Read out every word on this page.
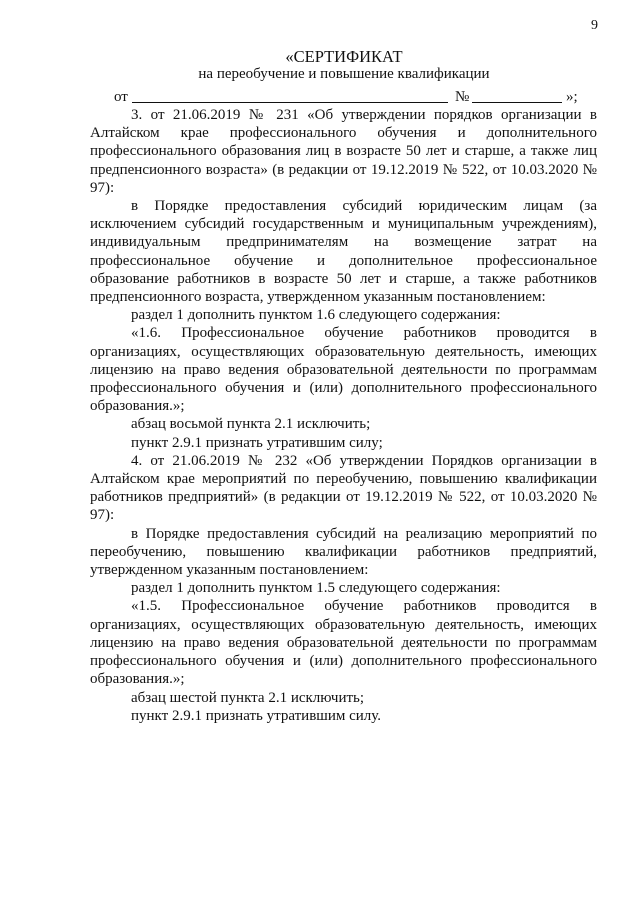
9
«СЕРТИФИКАТ
на переобучение и повышение квалификации
от	№	»;

3. от 21.06.2019 № 231 «Об утверждении порядков организации в Алтайском крае профессионального обучения и дополнительного профессионального образования лиц в возрасте 50 лет и старше, а также лиц предпенсионного возраста» (в редакции от 19.12.2019 № 522, от 10.03.2020 № 97):

в Порядке предоставления субсидий юридическим лицам (за исключением субсидий государственным и муниципальным учреждениям), индивидуальным предпринимателям на возмещение затрат на профессиональное обучение и дополнительное профессиональное образование работников в возрасте 50 лет и старше, а также работников предпенсионного возраста, утвержденном указанным постановлением:

раздел 1 дополнить пунктом 1.6 следующего содержания:

«1.6. Профессиональное обучение работников проводится в организациях, осуществляющих образовательную деятельность, имеющих лицензию на право ведения образовательной деятельности по программам профессионального обучения и (или) дополнительного профессионального образования.»;

абзац восьмой пункта 2.1 исключить;

пункт 2.9.1 признать утратившим силу;

4. от 21.06.2019 № 232 «Об утверждении Порядков организации в Алтайском крае мероприятий по переобучению, повышению квалификации работников предприятий» (в редакции от 19.12.2019 № 522, от 10.03.2020 № 97):

в Порядке предоставления субсидий на реализацию мероприятий по переобучению, повышению квалификации работников предприятий, утвержденном указанным постановлением:

раздел 1 дополнить пунктом 1.5 следующего содержания:

«1.5. Профессиональное обучение работников проводится в организациях, осуществляющих образовательную деятельность, имеющих лицензию на право ведения образовательной деятельности по программам профессионального обучения и (или) дополнительного профессионального образования.»;

абзац шестой пункта 2.1 исключить;

пункт 2.9.1 признать утратившим силу.
